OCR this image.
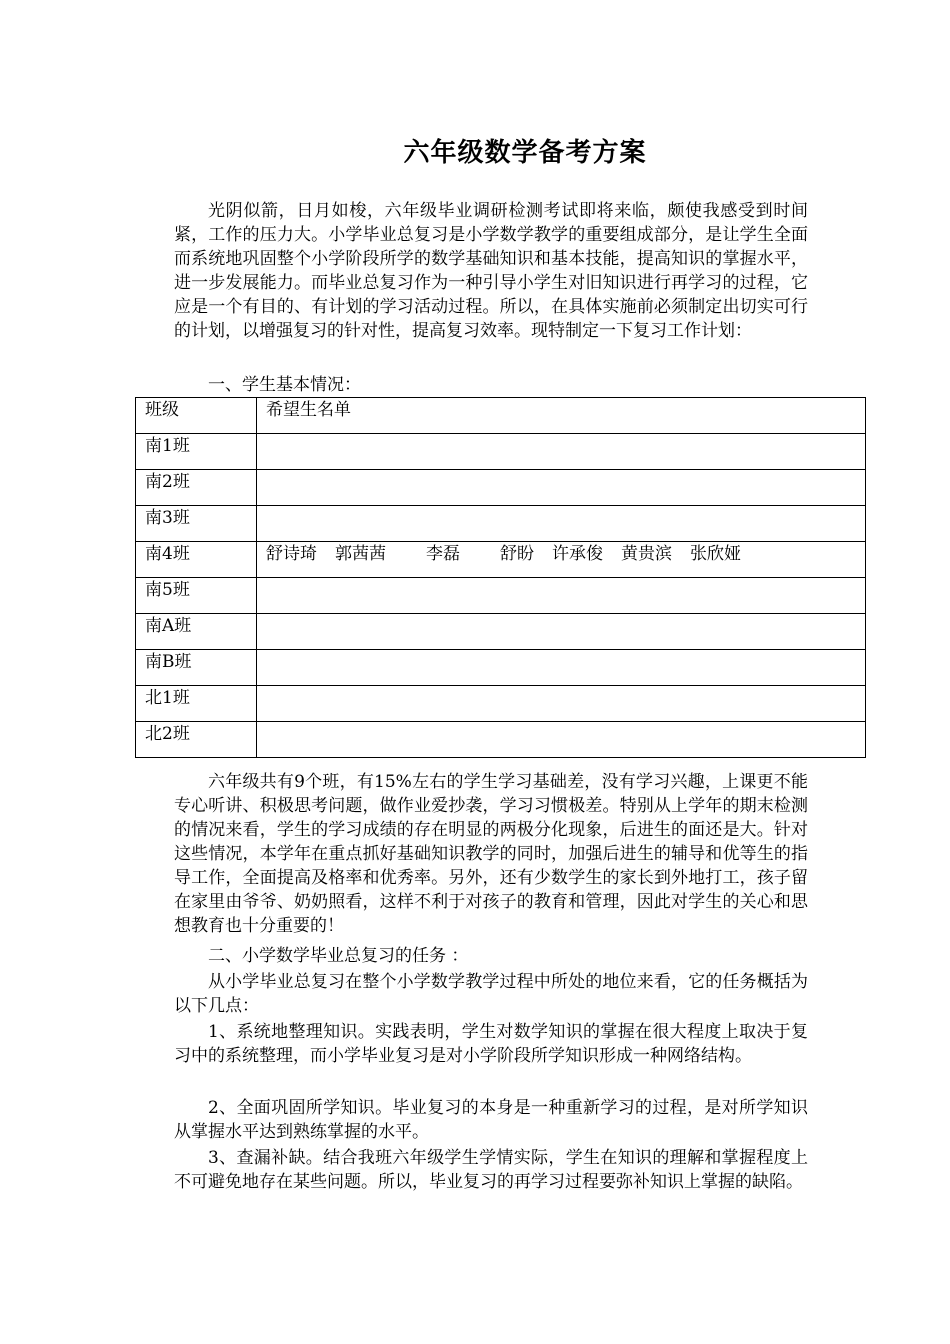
六年级数学备考方案

光阴似箭，日月如梭，六年级毕业调研检测考试即将来临，颇使我感受到时间紧，工作的压力大。小学毕业总复习是小学数学教学的重要组成部分，是让学生全面而系统地巩固整个小学阶段所学的数学基础知识和基本技能，提高知识的掌握水平，进一步发展能力。而毕业总复习作为一种引导小学生对旧知识进行再学习的过程，它应是一个有目的、有计划的学习活动过程。所以，在具体实施前必须制定出切实可行的计划，以增强复习的针对性，提高复习效率。现特制定一下复习工作计划：

一、学生基本情况：

班级	希望生名单
南1班	
南2班	
南3班	
南4班	舒诗琦 郭茜茜 李磊 舒盼 许承俊 黄贵滨 张欣娅
南5班	
南A班	
南B班	
北1班	
北2班	

六年级共有9个班，有15%左右的学生学习基础差，没有学习兴趣，上课更不能专心听讲、积极思考问题，做作业爱抄袭，学习习惯极差。特别从上学年的期末检测的情况来看，学生的学习成绩的存在明显的两极分化现象，后进生的面还是大。针对这些情况，本学年在重点抓好基础知识教学的同时，加强后进生的辅导和优等生的指导工作，全面提高及格率和优秀率。另外，还有少数学生的家长到外地打工，孩子留在家里由爷爷、奶奶照看，这样不利于对孩子的教育和管理，因此对学生的关心和思想教育也十分重要的！

二、小学数学毕业总复习的任务 ：

从小学毕业总复习在整个小学数学教学过程中所处的地位来看，它的任务概括为以下几点：

1、系统地整理知识。实践表明，学生对数学知识的掌握在很大程度上取决于复习中的系统整理，而小学毕业复习是对小学阶段所学知识形成一种网络结构。

2、全面巩固所学知识。毕业复习的本身是一种重新学习的过程，是对所学知识从掌握水平达到熟练掌握的水平。

3、查漏补缺。结合我班六年级学生学情实际，学生在知识的理解和掌握程度上不可避免地存在某些问题。所以，毕业复习的再学习过程要弥补知识上掌握的缺陷。
